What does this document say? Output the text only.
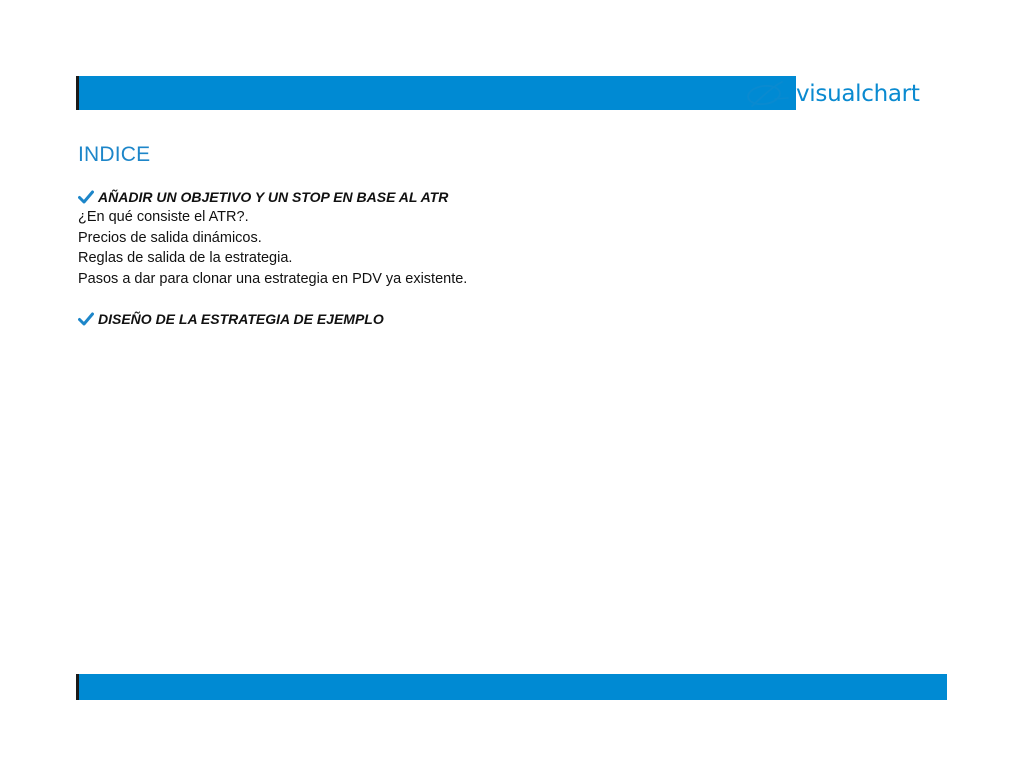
visualchart
INDICE
AÑADIR UN OBJETIVO Y UN STOP EN BASE AL ATR
¿En qué consiste el ATR?.
Precios de salida dinámicos.
Reglas de salida de la estrategia.
Pasos a dar para clonar una estrategia en PDV ya existente.
DISEÑO DE LA ESTRATEGIA DE EJEMPLO
